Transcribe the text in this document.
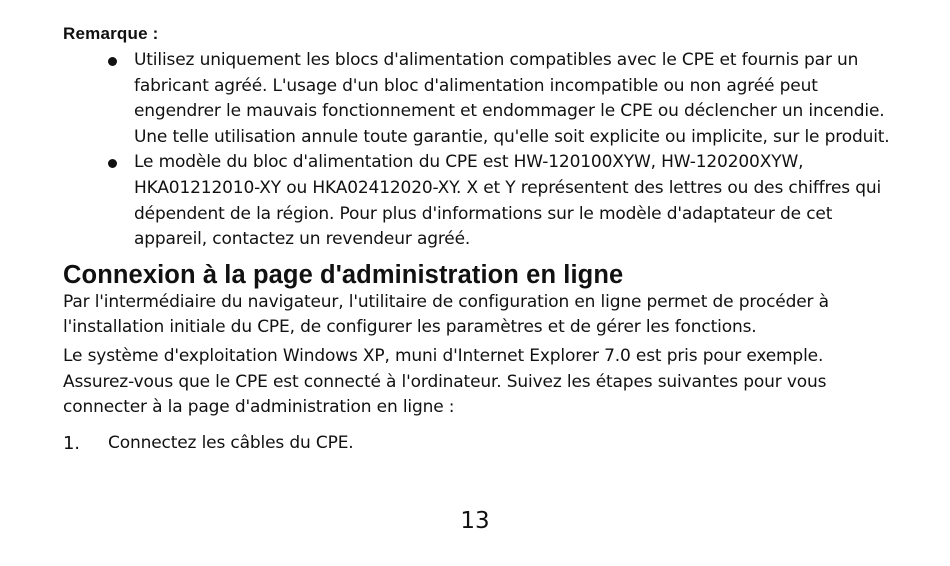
Remarque :
Utilisez uniquement les blocs d'alimentation compatibles avec le CPE et fournis par un fabricant agréé. L'usage d'un bloc d'alimentation incompatible ou non agréé peut engendrer le mauvais fonctionnement et endommager le CPE ou déclencher un incendie. Une telle utilisation annule toute garantie, qu'elle soit explicite ou implicite, sur le produit.
Le modèle du bloc d'alimentation du CPE est HW-120100XYW, HW-120200XYW, HKA01212010-XY ou HKA02412020-XY. X et Y représentent des lettres ou des chiffres qui dépendent de la région. Pour plus d'informations sur le modèle d'adaptateur de cet appareil, contactez un revendeur agréé.
Connexion à la page d'administration en ligne

Par l'intermédiaire du navigateur, l'utilitaire de configuration en ligne permet de procéder à l'installation initiale du CPE, de configurer les paramètres et de gérer les fonctions.

Le système d'exploitation Windows XP, muni d'Internet Explorer 7.0 est pris pour exemple. Assurez-vous que le CPE est connecté à l'ordinateur. Suivez les étapes suivantes pour vous connecter à la page d'administration en ligne :

1.	Connectez les câbles du CPE.
13
